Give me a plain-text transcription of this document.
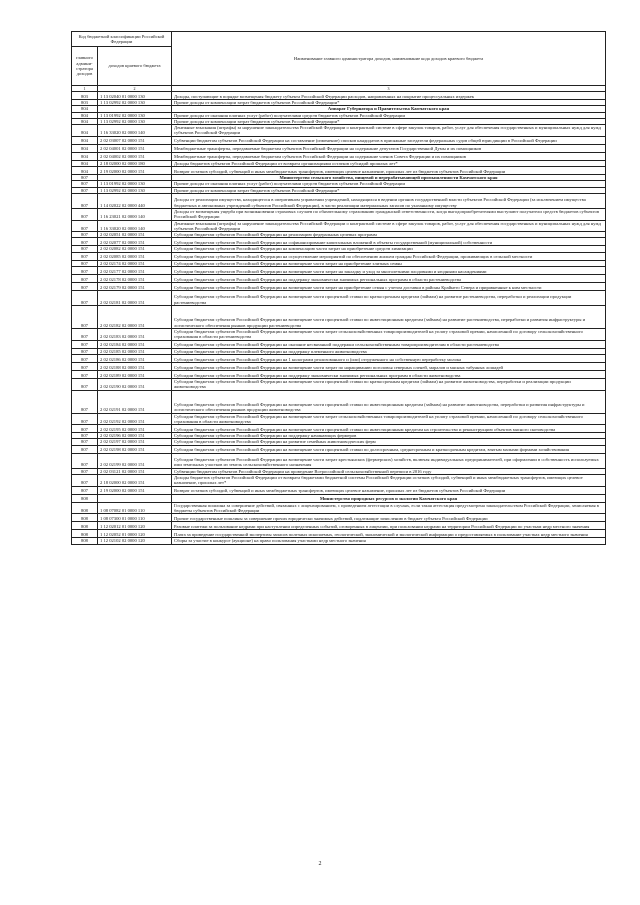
Код бюджетной классификации Российской Федерации		Наименование главного администратора доходов, наименование кода доходов краевого бюджета
главного админи-стратора доходов	доходов краевого бюджета	
1	2	3
803	1 13 02040 01 0000 130	Доходы, поступающие в порядке возмещения бюджету субъекта Российской Федерации расходов, направленных на покрытие процессуальных издержек
803	1 13 02992 02 0000 130	Прочие доходы от компенсации затрат бюджетов субъектов Российской Федерации*
804		Аппарат Губернатора и Правительства Камчатского края
804	1 13 01992 02 0000 130	Прочие доходы от оказания платных услуг (работ) получателями средств бюджетов субъектов Российской Федерации
804	1 13 02992 02 0000 130	Прочие доходы от компенсации затрат бюджетов субъектов Российской Федерации*
804	1 16 33020 02 0000 140	Денежные взыскания (штрафы) за нарушение законодательства Российской Федерации о контрактной системе в сфере закупок товаров, работ, услуг для обеспечения государственных и муниципальных нужд для нужд субъектов Российской Федерации
804	2 02 03007 02 0000 151	Субвенции бюджетам субъектов Российской Федерации на составление (изменение) списков кандидатов в присяжные заседатели федеральных судов общей юрисдикции в Российской Федерации
804	2 02 04001 02 0000 151	Межбюджетные трансферты, передаваемые бюджетам субъектов Российской Федерации на содержание депутатов Государственной Думы и их помощников
804	2 02 04002 02 0000 151	Межбюджетные трансферты, передаваемые бюджетам субъектов Российской Федерации на содержание членов Совета Федерации и их помощников
804	2 18 02000 02 0000 180	Доходы бюджетов субъектов Российской Федерации от возврата организациями остатков субсидий прошлых лет*
804	2 19 02000 02 0000 151	Возврат остатков субсидий, субвенций и иных межбюджетных трансфертов, имеющих целевое назначение, прошлых лет из бюджетов субъектов Российской Федерации
807		Министерство сельского хозяйства, пищевой и перерабатывающей промышленности Камчатского края
807	1 13 01992 02 0000 130	Прочие доходы от оказания платных услуг (работ) получателями средств бюджетов субъектов Российской Федерации
807	1 13 02992 02 0000 130	Прочие доходы от компенсации затрат бюджетов субъектов Российской Федерации*
807	1 14 02022 02 0000 440	Доходы от реализации имущества, находящегося в оперативном управлении учреждений, находящихся в ведении органов государственной власти субъектов Российской Федерации (за исключением имущества бюджетных и автономных учреждений субъектов Российской Федерации), в части реализации материальных запасов по указанному имуществу
807	1 16 23021 02 0000 140	Доходы от возмещения ущерба при возникновении страховых случаев по обязательному страхованию гражданской ответственности, когда выгодоприобретателями выступают получатели средств бюджетов субъектов Российской Федерации
807	1 16 33020 02 0000 140	Денежные взыскания (штрафы) за нарушение законодательства Российской Федерации о контрактной системе в сфере закупок товаров, работ, услуг для обеспечения государственных и муниципальных нужд для нужд субъектов Российской Федерации
807	2 02 02051 02 0000 151	Субсидии бюджетам субъектов Российской Федерации на реализацию федеральных целевых программ
807	2 02 02077 02 0000 151	Субсидии бюджетам субъектов Российской Федерации на софинансирование капитальных вложений в объекты государственной (муниципальной) собственности
807	2 02 02082 02 0000 151	Субсидии бюджетам субъектов Российской Федерации на компенсацию части затрат на приобретение средств химизации
807	2 02 02085 02 0000 151	Субсидии бюджетам субъектов Российской Федерации на осуществление мероприятий по обеспечению жильем граждан Российской Федерации, проживающих в сельской местности
807	2 02 02174 02 0000 151	Субсидии бюджетам субъектов Российской Федерации на возмещение части затрат на приобретение элитных семян
807	2 02 02177 02 0000 151	Субсидии бюджетам субъектов Российской Федерации на возмещение части затрат на закладку и уход за многолетними плодовыми и ягодными насаждениями
807	2 02 02178 02 0000 151	Субсидии бюджетам субъектов Российской Федерации на поддержку экономически значимых региональных программ в области растениеводства
807	2 02 02179 02 0000 151	Субсидии бюджетам субъектов Российской Федерации на возмещение части затрат на приобретение семян с учетом доставки в районы Крайнего Севера и приравненные к ним местности
807	2 02 02181 02 0000 151	Субсидии бюджетам субъектов Российской Федерации на возмещение части процентной ставки по краткосрочным кредитам (займам) на развитие растениеводства, переработки и реализации продукции растениеводства
807	2 02 02182 02 0000 151	Субсидии бюджетам субъектов Российской Федерации на возмещение части процентной ставки по инвестиционным кредитам (займам) на развитие растениеводства, переработки и развития инфраструктуры и логистического обеспечения рынков продукции растениеводства
807	2 02 02183 02 0000 151	Субсидии бюджетам субъектов Российской Федерации на возмещение части затрат сельскохозяйственных товаропроизводителей на уплату страховой премии, начисленной по договору сельскохозяйственного страхования в области растениеводства
807	2 02 02184 02 0000 151	Субсидии бюджетам субъектов Российской Федерации на оказание несвязанной поддержки сельскохозяйственным товаропроизводителям в области растениеводства
807	2 02 02185 02 0000 151	Субсидии бюджетам субъектов Российской Федерации на поддержку племенного животноводства
807	2 02 02186 02 0000 151	Субсидии бюджетам субъектов Российской Федерации на 1 килограмм реализованного и (или) отгруженного на собственную переработку молока
807	2 02 02188 02 0000 151	Субсидии бюджетам субъектов Российской Федерации на возмещение части затрат по наращиванию поголовья северных оленей, маралов и мясных табунных лошадей
807	2 02 02189 02 0000 151	Субсидии бюджетам субъектов Российской Федерации на поддержку экономически значимых региональных программ в области животноводства
807	2 02 02190 02 0000 151	Субсидии бюджетам субъектов Российской Федерации на возмещение части процентной ставки по краткосрочным кредитам (займам) на развитие животноводства, переработки и реализации продукции животноводства
807	2 02 02191 02 0000 151	Субсидии бюджетам субъектов Российской Федерации на возмещение части процентной ставки по инвестиционным кредитам (займам) на развитие животноводства, переработки и развития инфраструктуры и логистического обеспечения рынков продукции животноводства
807	2 02 02192 02 0000 151	Субсидии бюджетам субъектов Российской Федерации на возмещение части затрат сельскохозяйственных товаропроизводителей на уплату страховой премии, начисленной по договору сельскохозяйственного страхования в области животноводства
807	2 02 02195 02 0000 151	Субсидии бюджетам субъектов Российской Федерации на возмещение части процентной ставки по инвестиционным кредитам на строительство и реконструкцию объектов мясного скотоводства
807	2 02 02196 02 0000 151	Субсидии бюджетам субъектов Российской Федерации на поддержку начинающих фермеров
807	2 02 02197 02 0000 151	Субсидии бюджетам субъектов Российской Федерации на развитие семейных животноводческих ферм
807	2 02 02198 02 0000 151	Субсидии бюджетам субъектов Российской Федерации на возмещение части процентной ставки по долгосрочным, среднесрочным и краткосрочным кредитам, взятым малыми формами хозяйствования
807	2 02 02199 02 0000 151	Субсидии бюджетам субъектов Российской Федерации на возмещение части затрат крестьянских (фермерских) хозяйств, включая индивидуальных предпринимателей, при оформлении в собственность используемых ими земельных участков из земель сельскохозяйственного назначения
807	2 02 03121 02 0000 151	Субвенции бюджетам субъектов Российской Федерации на проведение Всероссийской сельскохозяйственной переписи в 2016 году
807	2 18 02000 02 0000 151	Доходы бюджетов субъектов Российской Федерации от возврата бюджетами бюджетной системы Российской Федерации остатков субсидий, субвенций и иных межбюджетных трансфертов, имеющих целевое назначение, прошлых лет*
807	2 19 02000 02 0000 151	Возврат остатков субсидий, субвенций и иных межбюджетных трансфертов, имеющих целевое назначение, прошлых лет из бюджетов субъектов Российской Федерации
808		Министерство природных ресурсов и экологии Камчатского края
808	1 08 07082 01 0000 110	Государственная пошлина за совершение действий, связанных с лицензированием, с проведением аттестации в случаях, если такая аттестация предусмотрена законодательством Российской Федерации, зачисляемая в бюджеты субъектов Российской Федерации
808	1 08 07300 01 0000 110	Прочие государственные пошлины за совершение прочих юридически значимых действий, подлежащие зачислению в бюджет субъекта Российской Федерации
808	1 12 02012 01 0000 120	Разовые платежи за пользование недрами при наступлении определенных событий, оговоренных в лицензии, при пользовании недрами на территории Российской Федерации по участкам недр местного значения
808	1 12 02052 01 0000 120	Плата за проведение государственной экспертизы запасов полезных ископаемых, геологической, экономической и экологической информации о предоставляемых в пользование участках недр местного значения
808	1 12 02102 02 0000 120	Сборы за участие в конкурсе (аукционе) на право пользования участками недр местного значения
2
